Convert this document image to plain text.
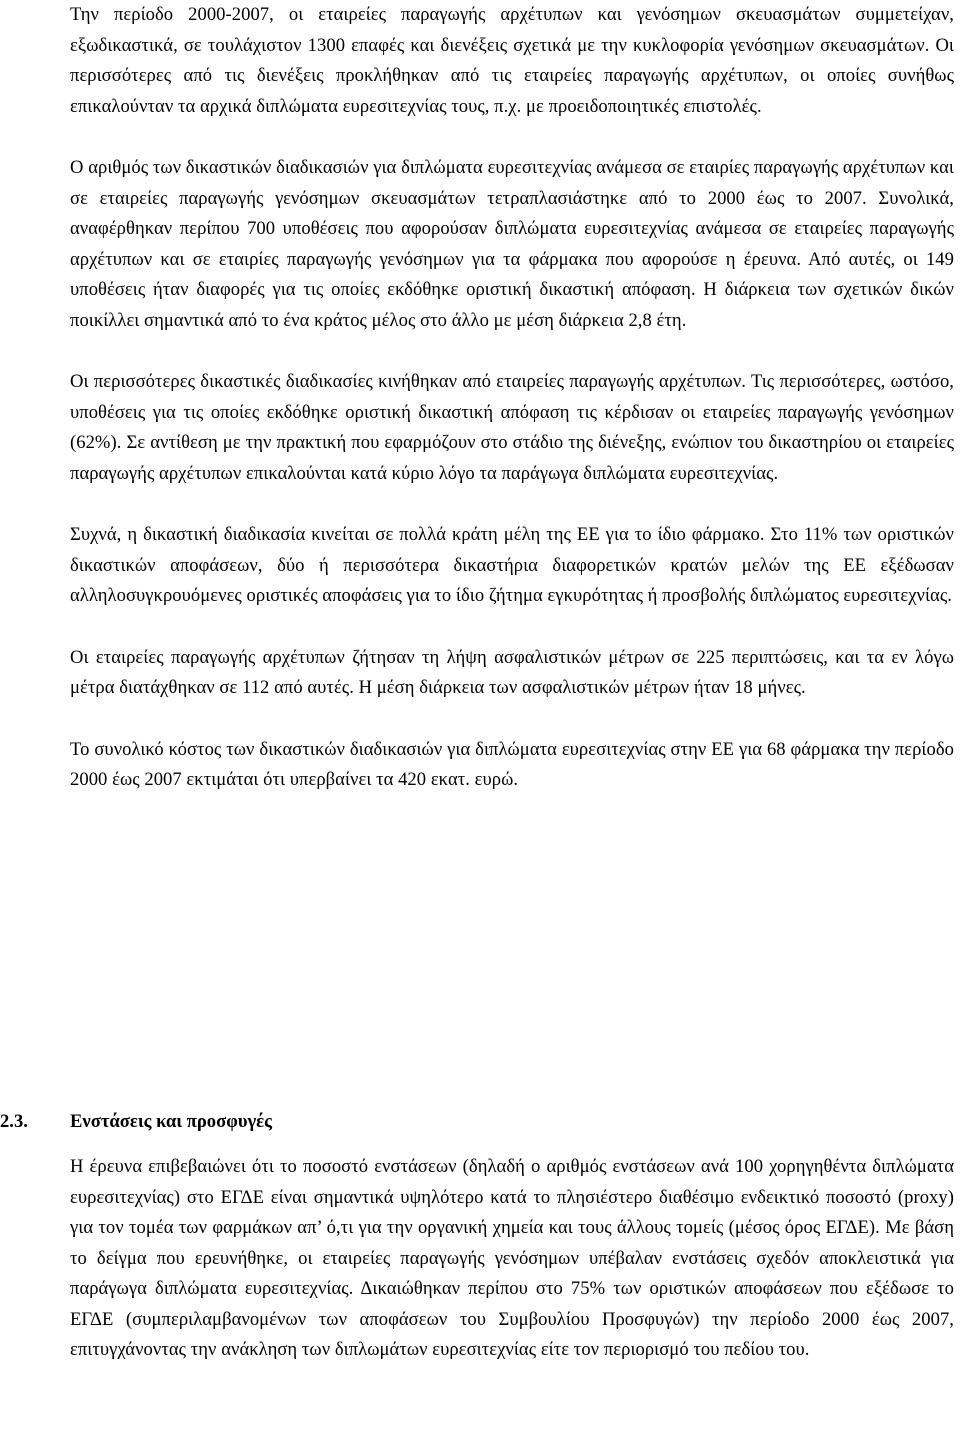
Την περίοδο 2000-2007, οι εταιρείες παραγωγής αρχέτυπων και γενόσημων σκευασμάτων συμμετείχαν, εξωδικαστικά, σε τουλάχιστον 1300 επαφές και διενέξεις σχετικά με την κυκλοφορία γενόσημων σκευασμάτων. Οι περισσότερες από τις διενέξεις προκλήθηκαν από τις εταιρείες παραγωγής αρχέτυπων, οι οποίες συνήθως επικαλούνταν τα αρχικά διπλώματα ευρεσιτεχνίας τους, π.χ. με προειδοποιητικές επιστολές.

Ο αριθμός των δικαστικών διαδικασιών για διπλώματα ευρεσιτεχνίας ανάμεσα σε εταιρίες παραγωγής αρχέτυπων και σε εταιρείες παραγωγής γενόσημων σκευασμάτων τετραπλασιάστηκε από το 2000 έως το 2007. Συνολικά, αναφέρθηκαν περίπου 700 υποθέσεις που αφορούσαν διπλώματα ευρεσιτεχνίας ανάμεσα σε εταιρείες παραγωγής αρχέτυπων και σε εταιρίες παραγωγής γενόσημων για τα φάρμακα που αφορούσε η έρευνα. Από αυτές, οι 149 υποθέσεις ήταν διαφορές για τις οποίες εκδόθηκε οριστική δικαστική απόφαση. Η διάρκεια των σχετικών δικών ποικίλλει σημαντικά από το ένα κράτος μέλος στο άλλο με μέση διάρκεια 2,8 έτη.

Οι περισσότερες δικαστικές διαδικασίες κινήθηκαν από εταιρείες παραγωγής αρχέτυπων. Τις περισσότερες, ωστόσο, υποθέσεις για τις οποίες εκδόθηκε οριστική δικαστική απόφαση τις κέρδισαν οι εταιρείες παραγωγής γενόσημων (62%). Σε αντίθεση με την πρακτική που εφαρμόζουν στο στάδιο της διένεξης, ενώπιον του δικαστηρίου οι εταιρείες παραγωγής αρχέτυπων επικαλούνται κατά κύριο λόγο τα παράγωγα διπλώματα ευρεσιτεχνίας.

Συχνά, η δικαστική διαδικασία κινείται σε πολλά κράτη μέλη της ΕΕ για το ίδιο φάρμακο. Στο 11% των οριστικών δικαστικών αποφάσεων, δύο ή περισσότερα δικαστήρια διαφορετικών κρατών μελών της ΕΕ εξέδωσαν αλληλοσυγκρουόμενες οριστικές αποφάσεις για το ίδιο ζήτημα εγκυρότητας ή προσβολής διπλώματος ευρεσιτεχνίας.

Οι εταιρείες παραγωγής αρχέτυπων ζήτησαν τη λήψη ασφαλιστικών μέτρων σε 225 περιπτώσεις, και τα εν λόγω μέτρα διατάχθηκαν σε 112 από αυτές. Η μέση διάρκεια των ασφαλιστικών μέτρων ήταν 18 μήνες.

Το συνολικό κόστος των δικαστικών διαδικασιών για διπλώματα ευρεσιτεχνίας στην ΕΕ για 68 φάρμακα την περίοδο 2000 έως 2007 εκτιμάται ότι υπερβαίνει τα 420 εκατ. ευρώ.

2.3. Ενστάσεις και προσφυγές

Η έρευνα επιβεβαιώνει ότι το ποσοστό ενστάσεων (δηλαδή ο αριθμός ενστάσεων ανά 100 χορηγηθέντα διπλώματα ευρεσιτεχνίας) στο ΕΓΔΕ είναι σημαντικά υψηλότερο κατά το πλησιέστερο διαθέσιμο ενδεικτικό ποσοστό (proxy) για τον τομέα των φαρμάκων απ’ ό,τι για την οργανική χημεία και τους άλλους τομείς (μέσος όρος ΕΓΔΕ). Με βάση το δείγμα που ερευνήθηκε, οι εταιρείες παραγωγής γενόσημων υπέβαλαν ενστάσεις σχεδόν αποκλειστικά για παράγωγα διπλώματα ευρεσιτεχνίας. Δικαιώθηκαν περίπου στο 75% των οριστικών αποφάσεων που εξέδωσε το ΕΓΔΕ (συμπεριλαμβανομένων των αποφάσεων του Συμβουλίου Προσφυγών) την περίοδο 2000 έως 2007, επιτυγχάνοντας την ανάκληση των διπλωμάτων ευρεσιτεχνίας είτε τον περιορισμό του πεδίου του.
